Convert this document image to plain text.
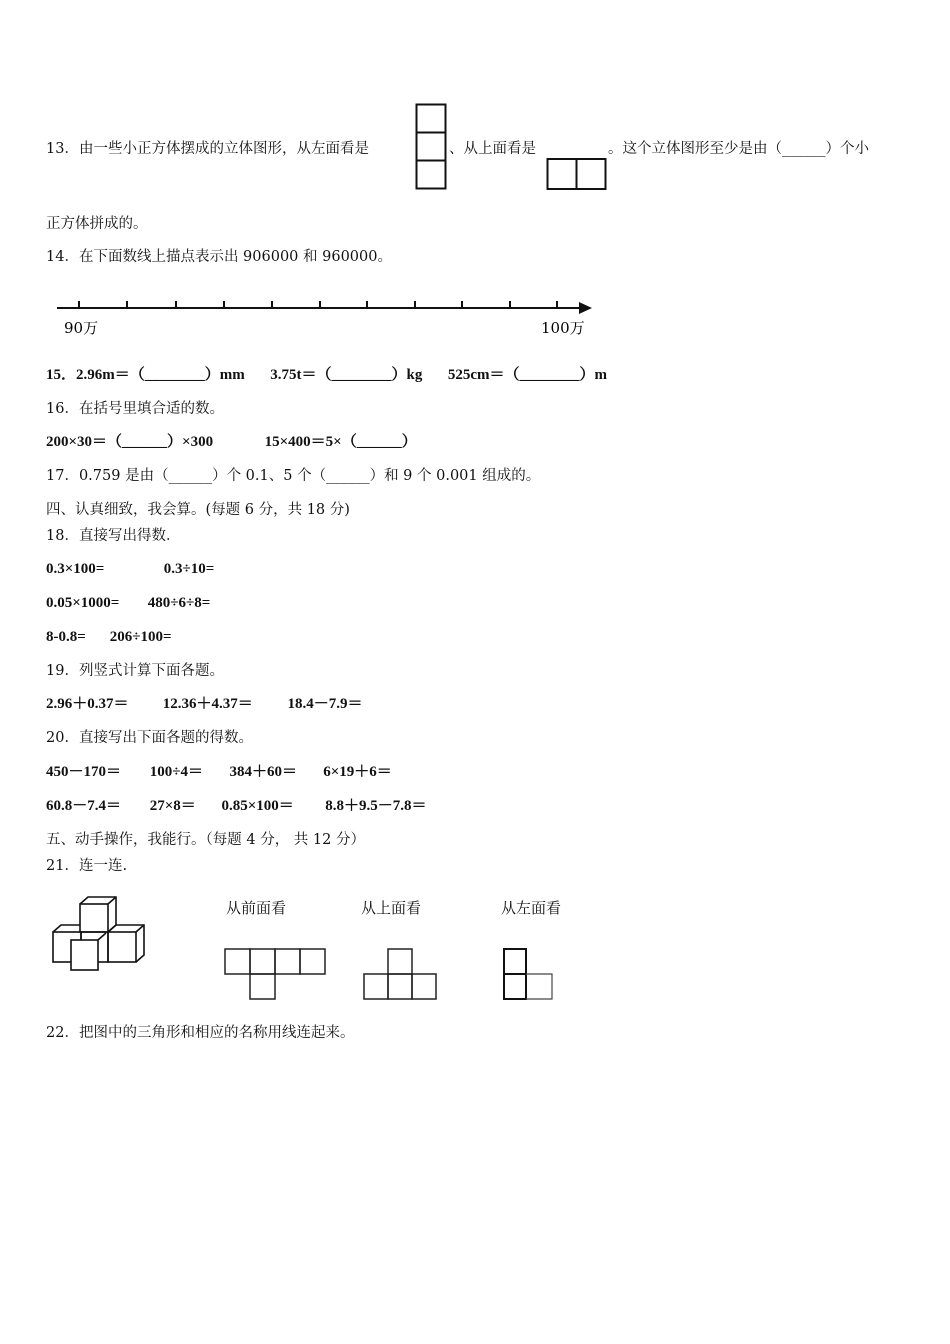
13．由一些小正方体摆成的立体图形，从左面看是	、从上面看是	。这个立体图形至少是由（______）个小
正方体拼成的。
14．在下面数线上描点表示出 906000 和 960000。
90万	100万
15．2.96m＝（________）mm 3.75t＝（________）kg 525cm＝（________）m
16．在括号里填合适的数。
200×30＝（______）×300	15×400＝5×（______）
17．0.759 是由（______）个 0.1、5 个（______）和 9 个 0.001 组成的。
四、认真细致，我会算。(每题 6 分，共 18 分)
18．直接写出得数．
0.3×100=	0.3÷10=
0.05×1000= 480÷6÷8=
8-0.8= 206÷100=
19．列竖式计算下面各题。
2.96＋0.37＝ 12.36＋4.37＝ 18.4－7.9＝
20．直接写出下面各题的得数。
450－170＝ 100÷4＝ 384＋60＝ 6×19＋6＝
60.8－7.4＝ 27×8＝ 0.85×100＝ 8.8＋9.5－7.8＝
五、动手操作，我能行。（每题 4 分， 共 12 分）
21．连一连.
从前面看	从上面看	从左面看
22．把图中的三角形和相应的名称用线连起来。
